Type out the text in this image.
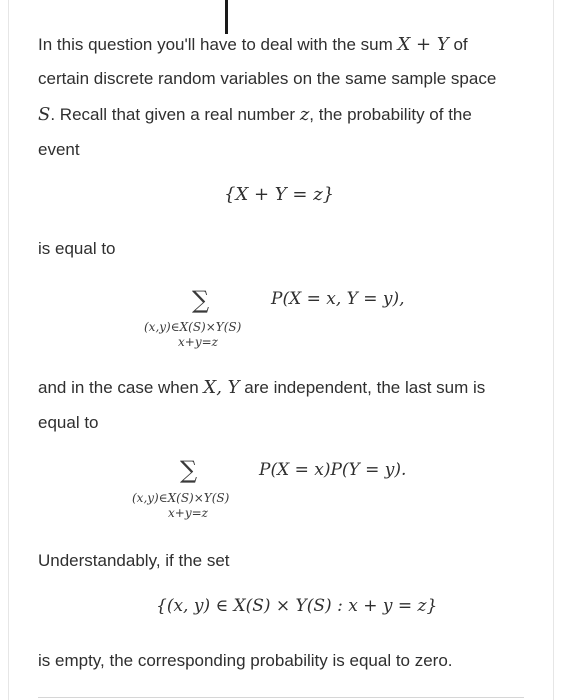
In this question you'll have to deal with the sum X + Y of
certain discrete random variables on the same sample space
S. Recall that given a real number z, the probability of the
event
{X + Y = z}
is equal to
∑
(x,y)∈X(S)×Y(S)
x+y=z
P(X = x, Y = y),
and in the case when X, Y are independent, the last sum is
equal to
∑
(x,y)∈X(S)×Y(S)
x+y=z
P(X = x)P(Y = y).
Understandably, if the set
{(x, y) ∈ X(S) × Y(S) : x + y = z}
is empty, the corresponding probability is equal to zero.
